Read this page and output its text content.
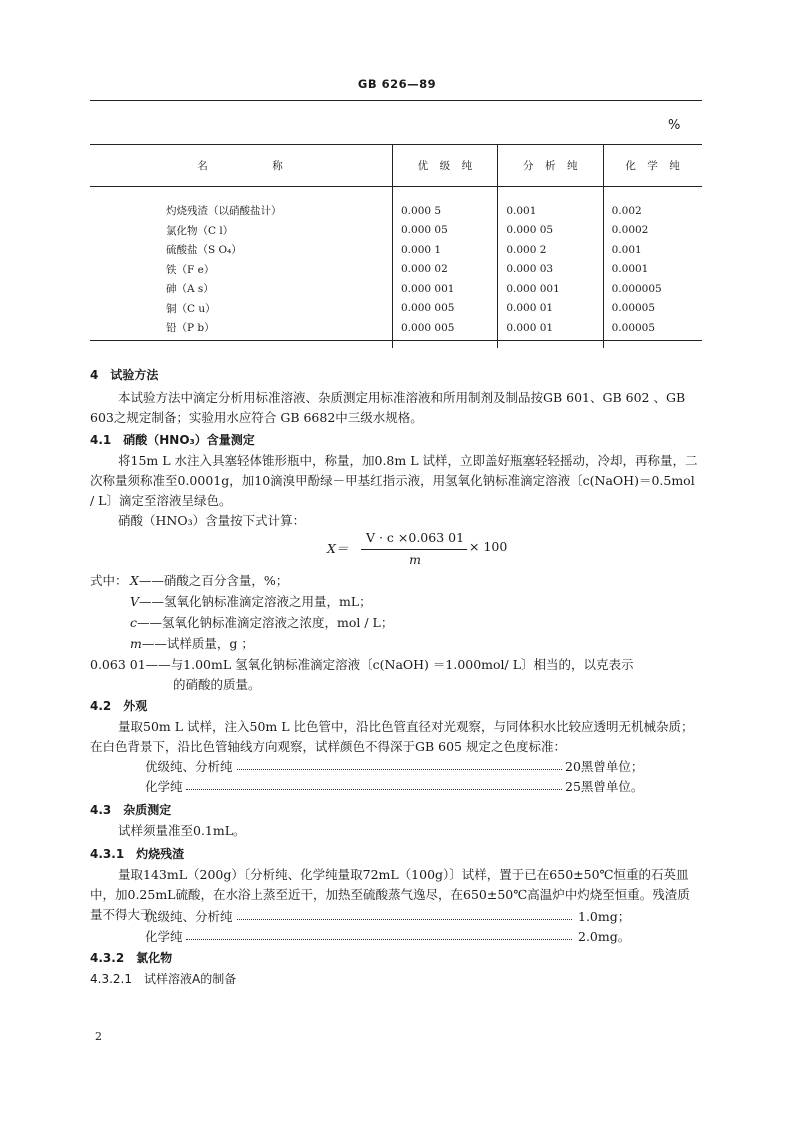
GB 626—89
%
名　　　　　称	优　级　纯	分　析　纯	化　学　纯
灼烧残渣（以硝酸盐计）	0.000 5	0.001	0.002
氯化物（C l）	0.000 05	0.000 05	0.0002
硫酸盐（S O₄）	0.000 1	0.000 2	0.001
铁（F e）	0.000 02	0.000 03	0.0001
砷（A s）	0.000 001	0.000 001	0.000005
铜（C u）	0.000 005	0.000 01	0.00005
铅（P b）	0.000 005	0.000 01	0.00005
4　试验方法
本试验方法中滴定分析用标准溶液、杂质测定用标准溶液和所用制剂及制品按GB 601、GB 602 、GB 603之规定制备；实验用水应符合 GB 6682中三级水规格。
4.1　硝酸（HNO₃）含量测定
将15m L 水注入具塞轻体锥形瓶中，称量，加0.8m L 试样，立即盖好瓶塞轻轻摇动，冷却，再称量，二次称量须称准至0.0001g，加10滴溴甲酚绿－甲基红指示液，用氢氧化钠标准滴定溶液〔c(NaOH)＝0.5mol / L〕滴定至溶液呈绿色。
硝酸（HNO₃）含量按下式计算：
X＝
V · c ×0.063 01
m
× 100
式中： X——硝酸之百分含量，%；
V——氢氧化钠标准滴定溶液之用量，mL；
c——氢氧化钠标准滴定溶液之浓度，mol / L；
m——试样质量，g ；
0.063 01——与1.00mL 氢氧化钠标准滴定溶液〔c(NaOH) ＝1.000mol/ L〕相当的，以克表示
的硝酸的质量。
4.2　外观
量取50m L 试样，注入50m L 比色管中，沿比色管直径对光观察，与同体积水比较应透明无机械杂质；在白色背景下，沿比色管轴线方向观察，试样颜色不得深于GB 605 规定之色度标准：
优级纯、分析纯	20黑曾单位；
化学纯	25黑曾单位。
4.3　杂质测定
试样须量准至0.1mL。
4.3.1　灼烧残渣
量取143mL（200g）〔分析纯、化学纯量取72mL（100g）〕试样，置于已在650±50℃恒重的石英皿中，加0.25mL硫酸，在水浴上蒸至近干，加热至硫酸蒸气逸尽，在650±50℃高温炉中灼烧至恒重。残渣质量不得大于：
优级纯、分析纯	1.0mg；
化学纯	2.0mg。
4.3.2　氯化物
4.3.2.1　试样溶液A的制备
2
